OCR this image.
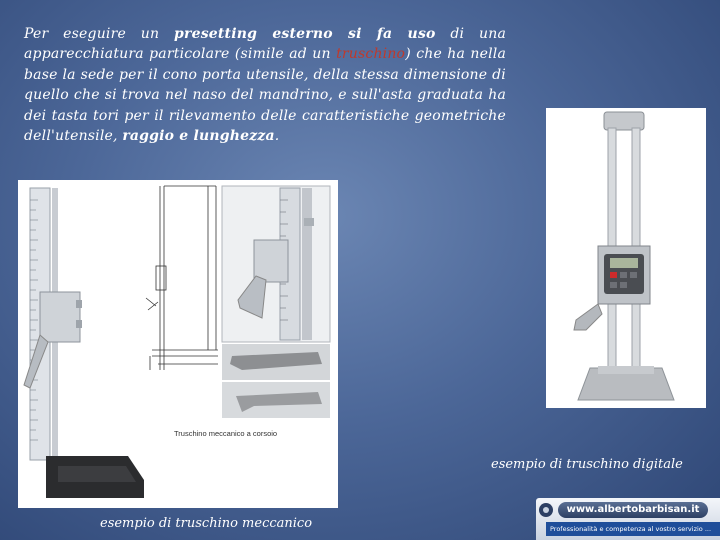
Per eseguire un presetting esterno si fa uso di una apparecchiatura particolare (simile ad un truschino) che ha nella base la sede per il cono porta utensile, della stessa dimensione di quello che si trova nel naso del mandrino, e sull'asta graduata ha dei tasta tori per il rilevamento delle caratteristiche geometriche dell'utensile, raggio e lunghezza.
Truschino meccanico a corsoio
esempio di truschino digitale
esempio di truschino meccanico
www.albertobarbisan.it
Professionalità e competenza al vostro servizio ...
